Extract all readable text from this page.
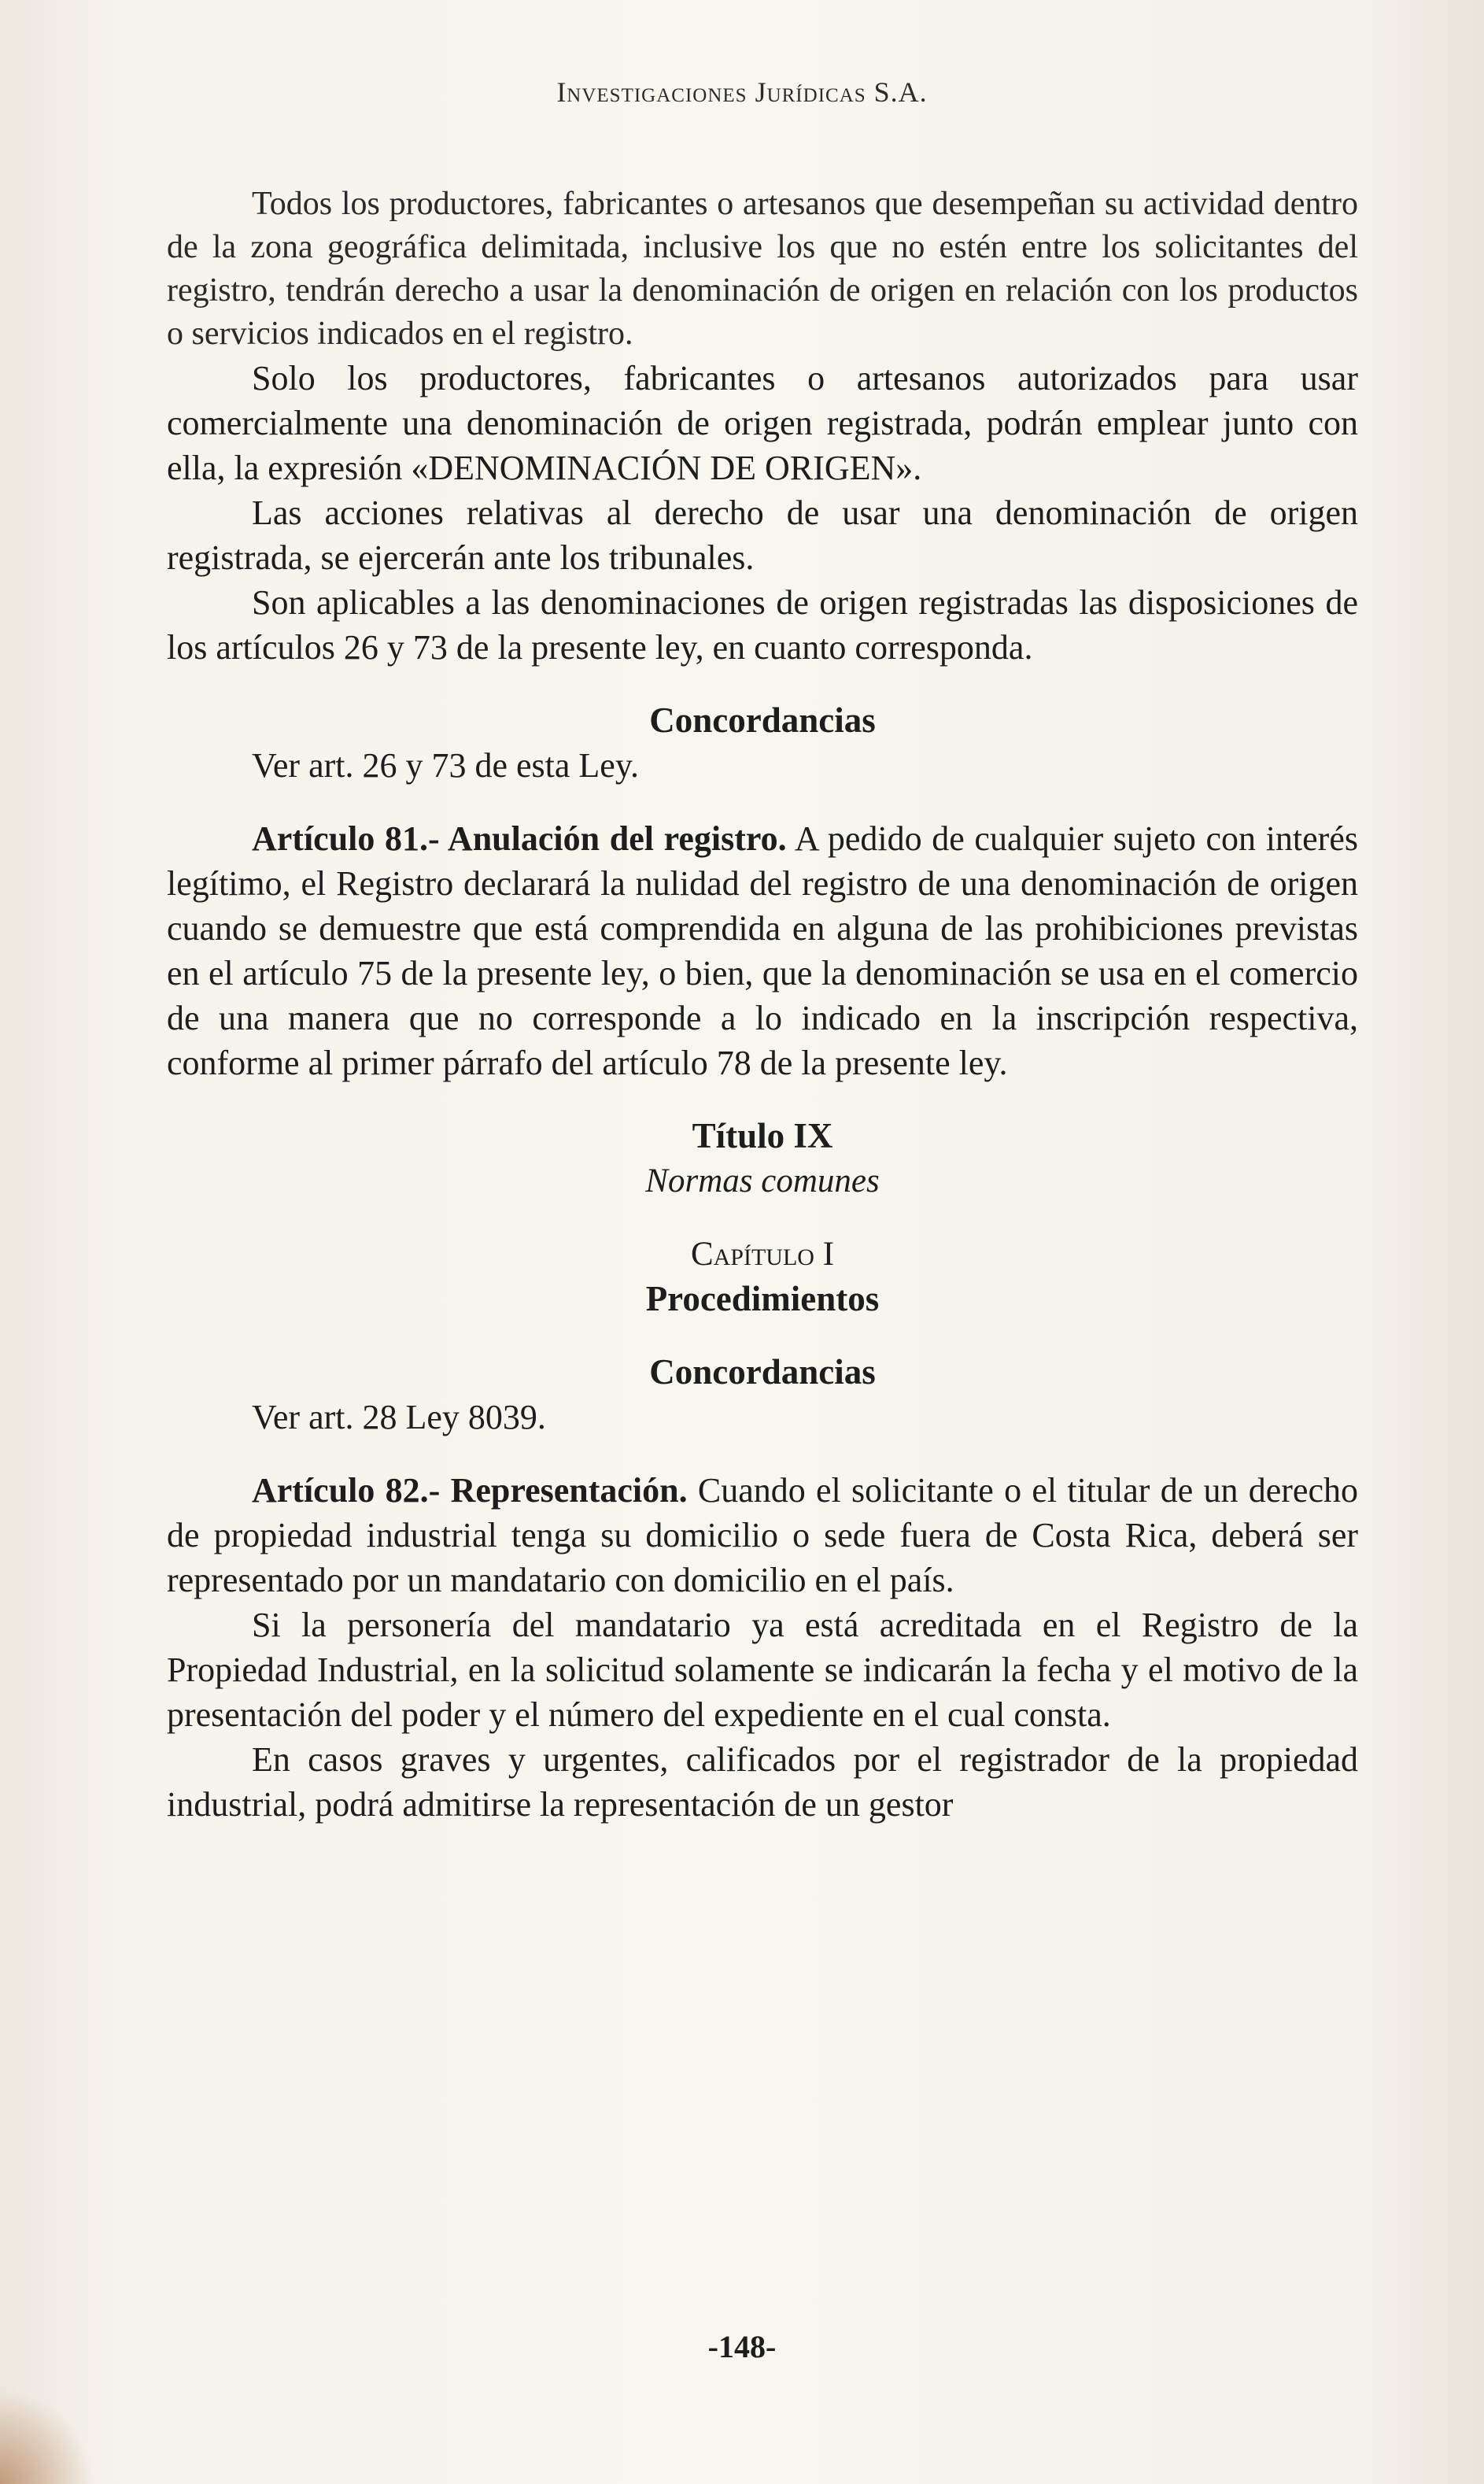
Investigaciones Jurídicas S.A.

Todos los productores, fabricantes o artesanos que desempeñan su actividad dentro de la zona geográfica delimitada, inclusive los que no estén entre los solicitantes del registro, tendrán derecho a usar la denominación de origen en relación con los productos o servicios indicados en el registro.

Solo los productores, fabricantes o artesanos autorizados para usar comercialmente una denominación de origen registrada, podrán emplear junto con ella, la expresión «DENOMINACIÓN DE ORIGEN».

Las acciones relativas al derecho de usar una denominación de origen registrada, se ejercerán ante los tribunales.

Son aplicables a las denominaciones de origen registradas las disposiciones de los artículos 26 y 73 de la presente ley, en cuanto corresponda.

Concordancias
Ver art. 26 y 73 de esta Ley.

Artículo 81.- Anulación del registro. A pedido de cualquier sujeto con interés legítimo, el Registro declarará la nulidad del registro de una denominación de origen cuando se demuestre que está comprendida en alguna de las prohibiciones previstas en el artículo 75 de la presente ley, o bien, que la denominación se usa en el comercio de una manera que no corresponde a lo indicado en la inscripción respectiva, conforme al primer párrafo del artículo 78 de la presente ley.

Título IX
Normas comunes
Capítulo I
Procedimientos
Concordancias
Ver art. 28 Ley 8039.

Artículo 82.- Representación. Cuando el solicitante o el titular de un derecho de propiedad industrial tenga su domicilio o sede fuera de Costa Rica, deberá ser representado por un mandatario con domicilio en el país.

Si la personería del mandatario ya está acreditada en el Registro de la Propiedad Industrial, en la solicitud solamente se indicarán la fecha y el motivo de la presentación del poder y el número del expediente en el cual consta.

En casos graves y urgentes, calificados por el registrador de la propiedad industrial, podrá admitirse la representación de un gestor

-148-
